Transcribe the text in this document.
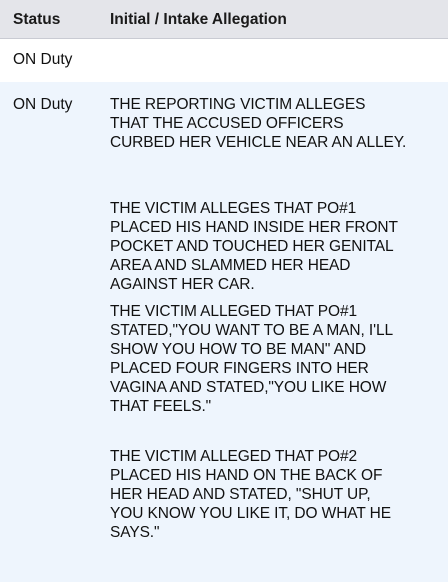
Status	Initial / Intake Allegation
ON Duty
ON Duty THE REPORTING VICTIM ALLEGES
THAT THE ACCUSED OFFICERS
CURBED HER VEHICLE NEAR AN ALLEY.
THE VICTIM ALLEGES THAT PO#1
PLACED HIS HAND INSIDE HER FRONT
POCKET AND TOUCHED HER GENITAL
AREA AND SLAMMED HER HEAD
AGAINST HER CAR.
THE VICTIM ALLEGED THAT PO#1
STATED,"YOU WANT TO BE A MAN, I'LL
SHOW YOU HOW TO BE MAN" AND
PLACED FOUR FINGERS INTO HER
VAGINA AND STATED,"YOU LIKE HOW
THAT FEELS."
THE VICTIM ALLEGED THAT PO#2
PLACED HIS HAND ON THE BACK OF
HER HEAD AND STATED, "SHUT UP,
YOU KNOW YOU LIKE IT, DO WHAT HE
SAYS."
